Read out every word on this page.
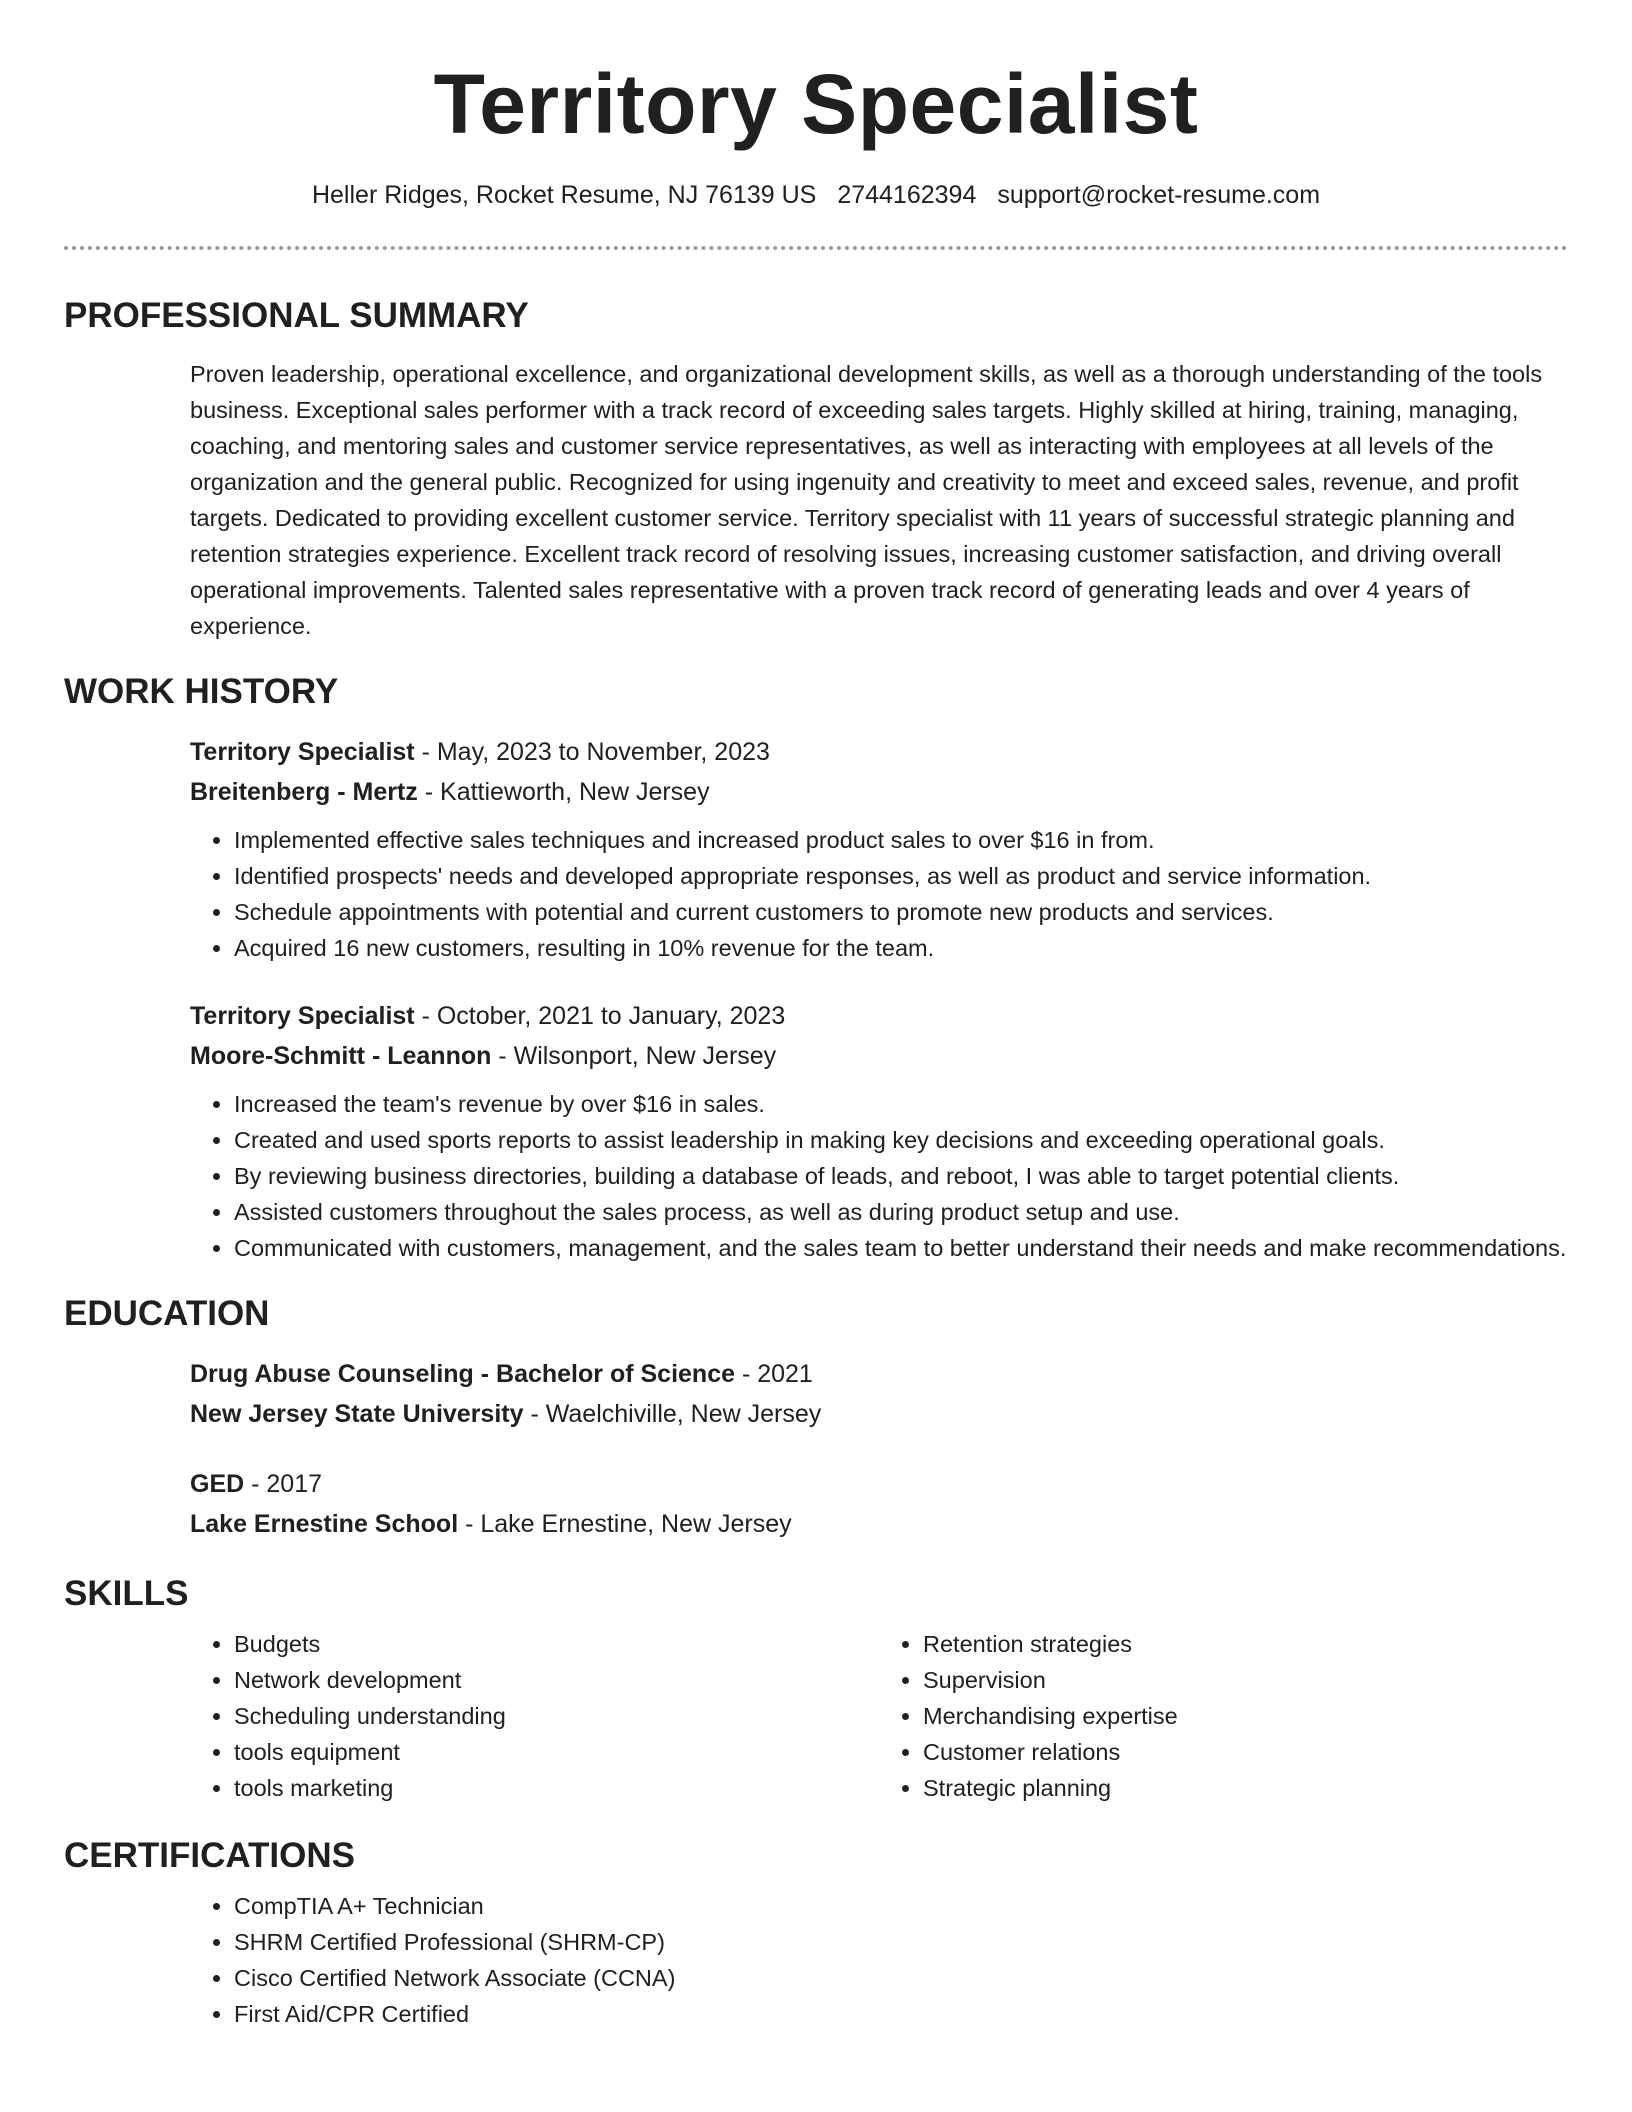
Territory Specialist
Heller Ridges, Rocket Resume, NJ 76139 US 2744162394 support@rocket-resume.com
PROFESSIONAL SUMMARY

Proven leadership, operational excellence, and organizational development skills, as well as a thorough understanding of the tools business. Exceptional sales performer with a track record of exceeding sales targets. Highly skilled at hiring, training, managing, coaching, and mentoring sales and customer service representatives, as well as interacting with employees at all levels of the organization and the general public. Recognized for using ingenuity and creativity to meet and exceed sales, revenue, and profit targets. Dedicated to providing excellent customer service. Territory specialist with 11 years of successful strategic planning and retention strategies experience. Excellent track record of resolving issues, increasing customer satisfaction, and driving overall operational improvements. Talented sales representative with a proven track record of generating leads and over 4 years of experience.

WORK HISTORY
Territory Specialist - May, 2023 to November, 2023
Breitenberg - Mertz - Kattieworth, New Jersey
• Implemented effective sales techniques and increased product sales to over $16 in from.
• Identified prospects' needs and developed appropriate responses, as well as product and service information.
• Schedule appointments with potential and current customers to promote new products and services.
• Acquired 16 new customers, resulting in 10% revenue for the team.
Territory Specialist - October, 2021 to January, 2023
Moore-Schmitt - Leannon - Wilsonport, New Jersey
• Increased the team's revenue by over $16 in sales.
• Created and used sports reports to assist leadership in making key decisions and exceeding operational goals.
• By reviewing business directories, building a database of leads, and reboot, I was able to target potential clients.
• Assisted customers throughout the sales process, as well as during product setup and use.
• Communicated with customers, management, and the sales team to better understand their needs and make recommendations.
EDUCATION
Drug Abuse Counseling - Bachelor of Science - 2021
New Jersey State University - Waelchiville, New Jersey
GED - 2017
Lake Ernestine School - Lake Ernestine, New Jersey
SKILLS
• Budgets
• Network development
• Scheduling understanding
• tools equipment
• tools marketing
• Retention strategies
• Supervision
• Merchandising expertise
• Customer relations
• Strategic planning
CERTIFICATIONS
• CompTIA A+ Technician
• SHRM Certified Professional (SHRM-CP)
• Cisco Certified Network Associate (CCNA)
• First Aid/CPR Certified
